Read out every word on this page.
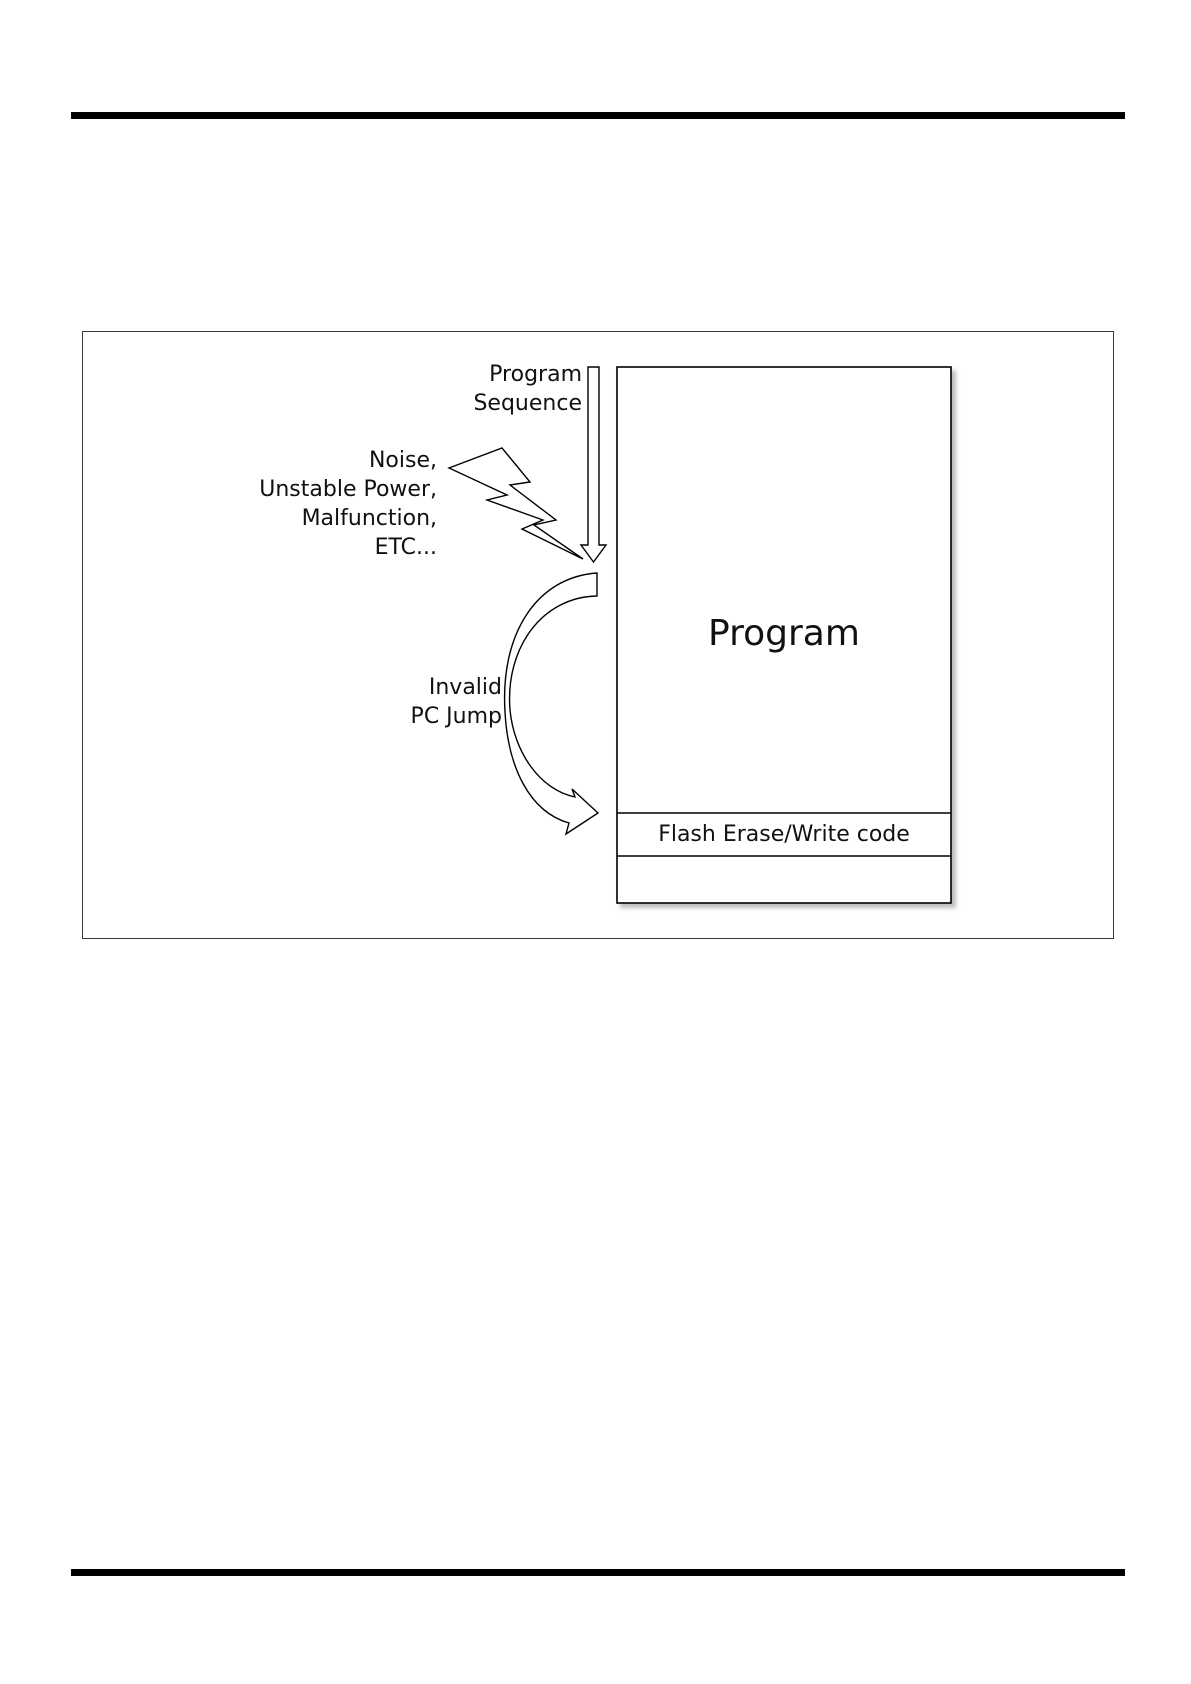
Program
Flash Erase/Write code
Program
Sequence
Noise,
Unstable Power,
Malfunction,
ETC...
Invalid
PC Jump
